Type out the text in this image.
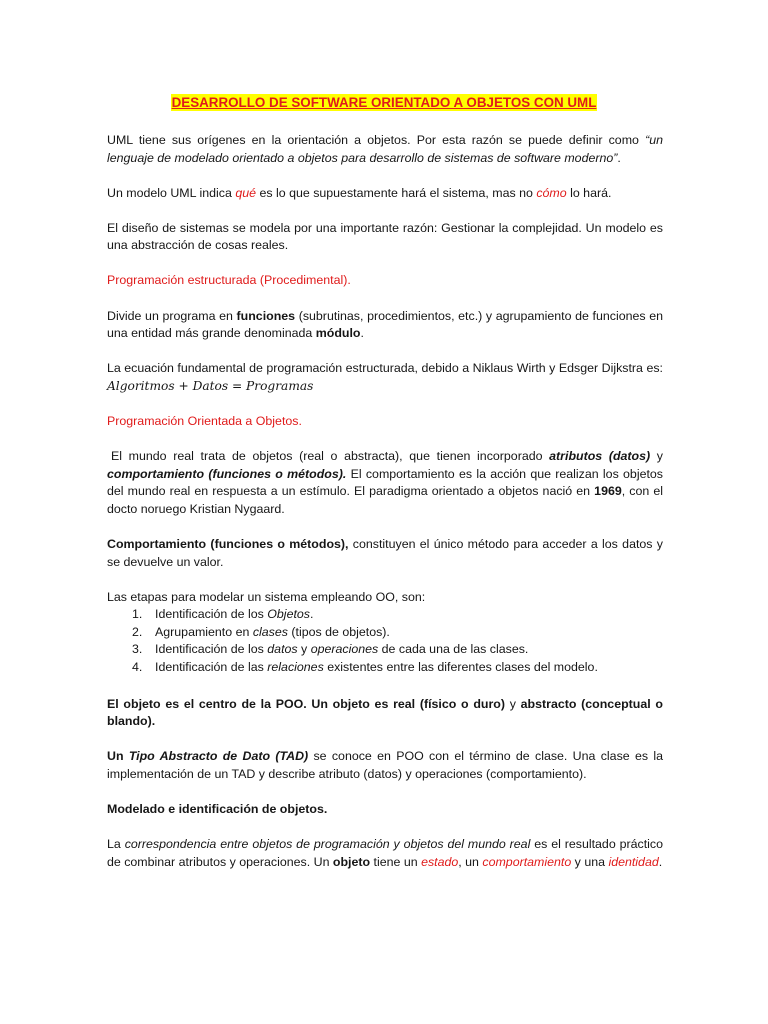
DESARROLLO DE SOFTWARE ORIENTADO A OBJETOS CON UML

UML tiene sus orígenes en la orientación a objetos. Por esta razón se puede definir como “un lenguaje de modelado orientado a objetos para desarrollo de sistemas de software moderno”.

Un modelo UML indica qué es lo que supuestamente hará el sistema, mas no cómo lo hará.

El diseño de sistemas se modela por una importante razón: Gestionar la complejidad. Un modelo es una abstracción de cosas reales.

Programación estructurada (Procedimental).

Divide un programa en funciones (subrutinas, procedimientos, etc.) y agrupamiento de funciones en una entidad más grande denominada módulo.

La ecuación fundamental de programación estructurada, debido a Niklaus Wirth y Edsger Dijkstra es: Algoritmos + Datos = Programas

Programación Orientada a Objetos.

El mundo real trata de objetos (real o abstracta), que tienen incorporado atributos (datos) y comportamiento (funciones o métodos). El comportamiento es la acción que realizan los objetos del mundo real en respuesta a un estímulo. El paradigma orientado a objetos nació en 1969, con el docto noruego Kristian Nygaard.

Comportamiento (funciones o métodos), constituyen el único método para acceder a los datos y se devuelve un valor.

Las etapas para modelar un sistema empleando OO, son:

1. Identificación de los Objetos.
2. Agrupamiento en clases (tipos de objetos).
3. Identificación de los datos y operaciones de cada una de las clases.
4. Identificación de las relaciones existentes entre las diferentes clases del modelo.

El objeto es el centro de la POO. Un objeto es real (físico o duro) y abstracto (conceptual o blando).

Un Tipo Abstracto de Dato (TAD) se conoce en POO con el término de clase. Una clase es la implementación de un TAD y describe atributo (datos) y operaciones (comportamiento).

Modelado e identificación de objetos.

La correspondencia entre objetos de programación y objetos del mundo real es el resultado práctico de combinar atributos y operaciones. Un objeto tiene un estado, un comportamiento y una identidad.
